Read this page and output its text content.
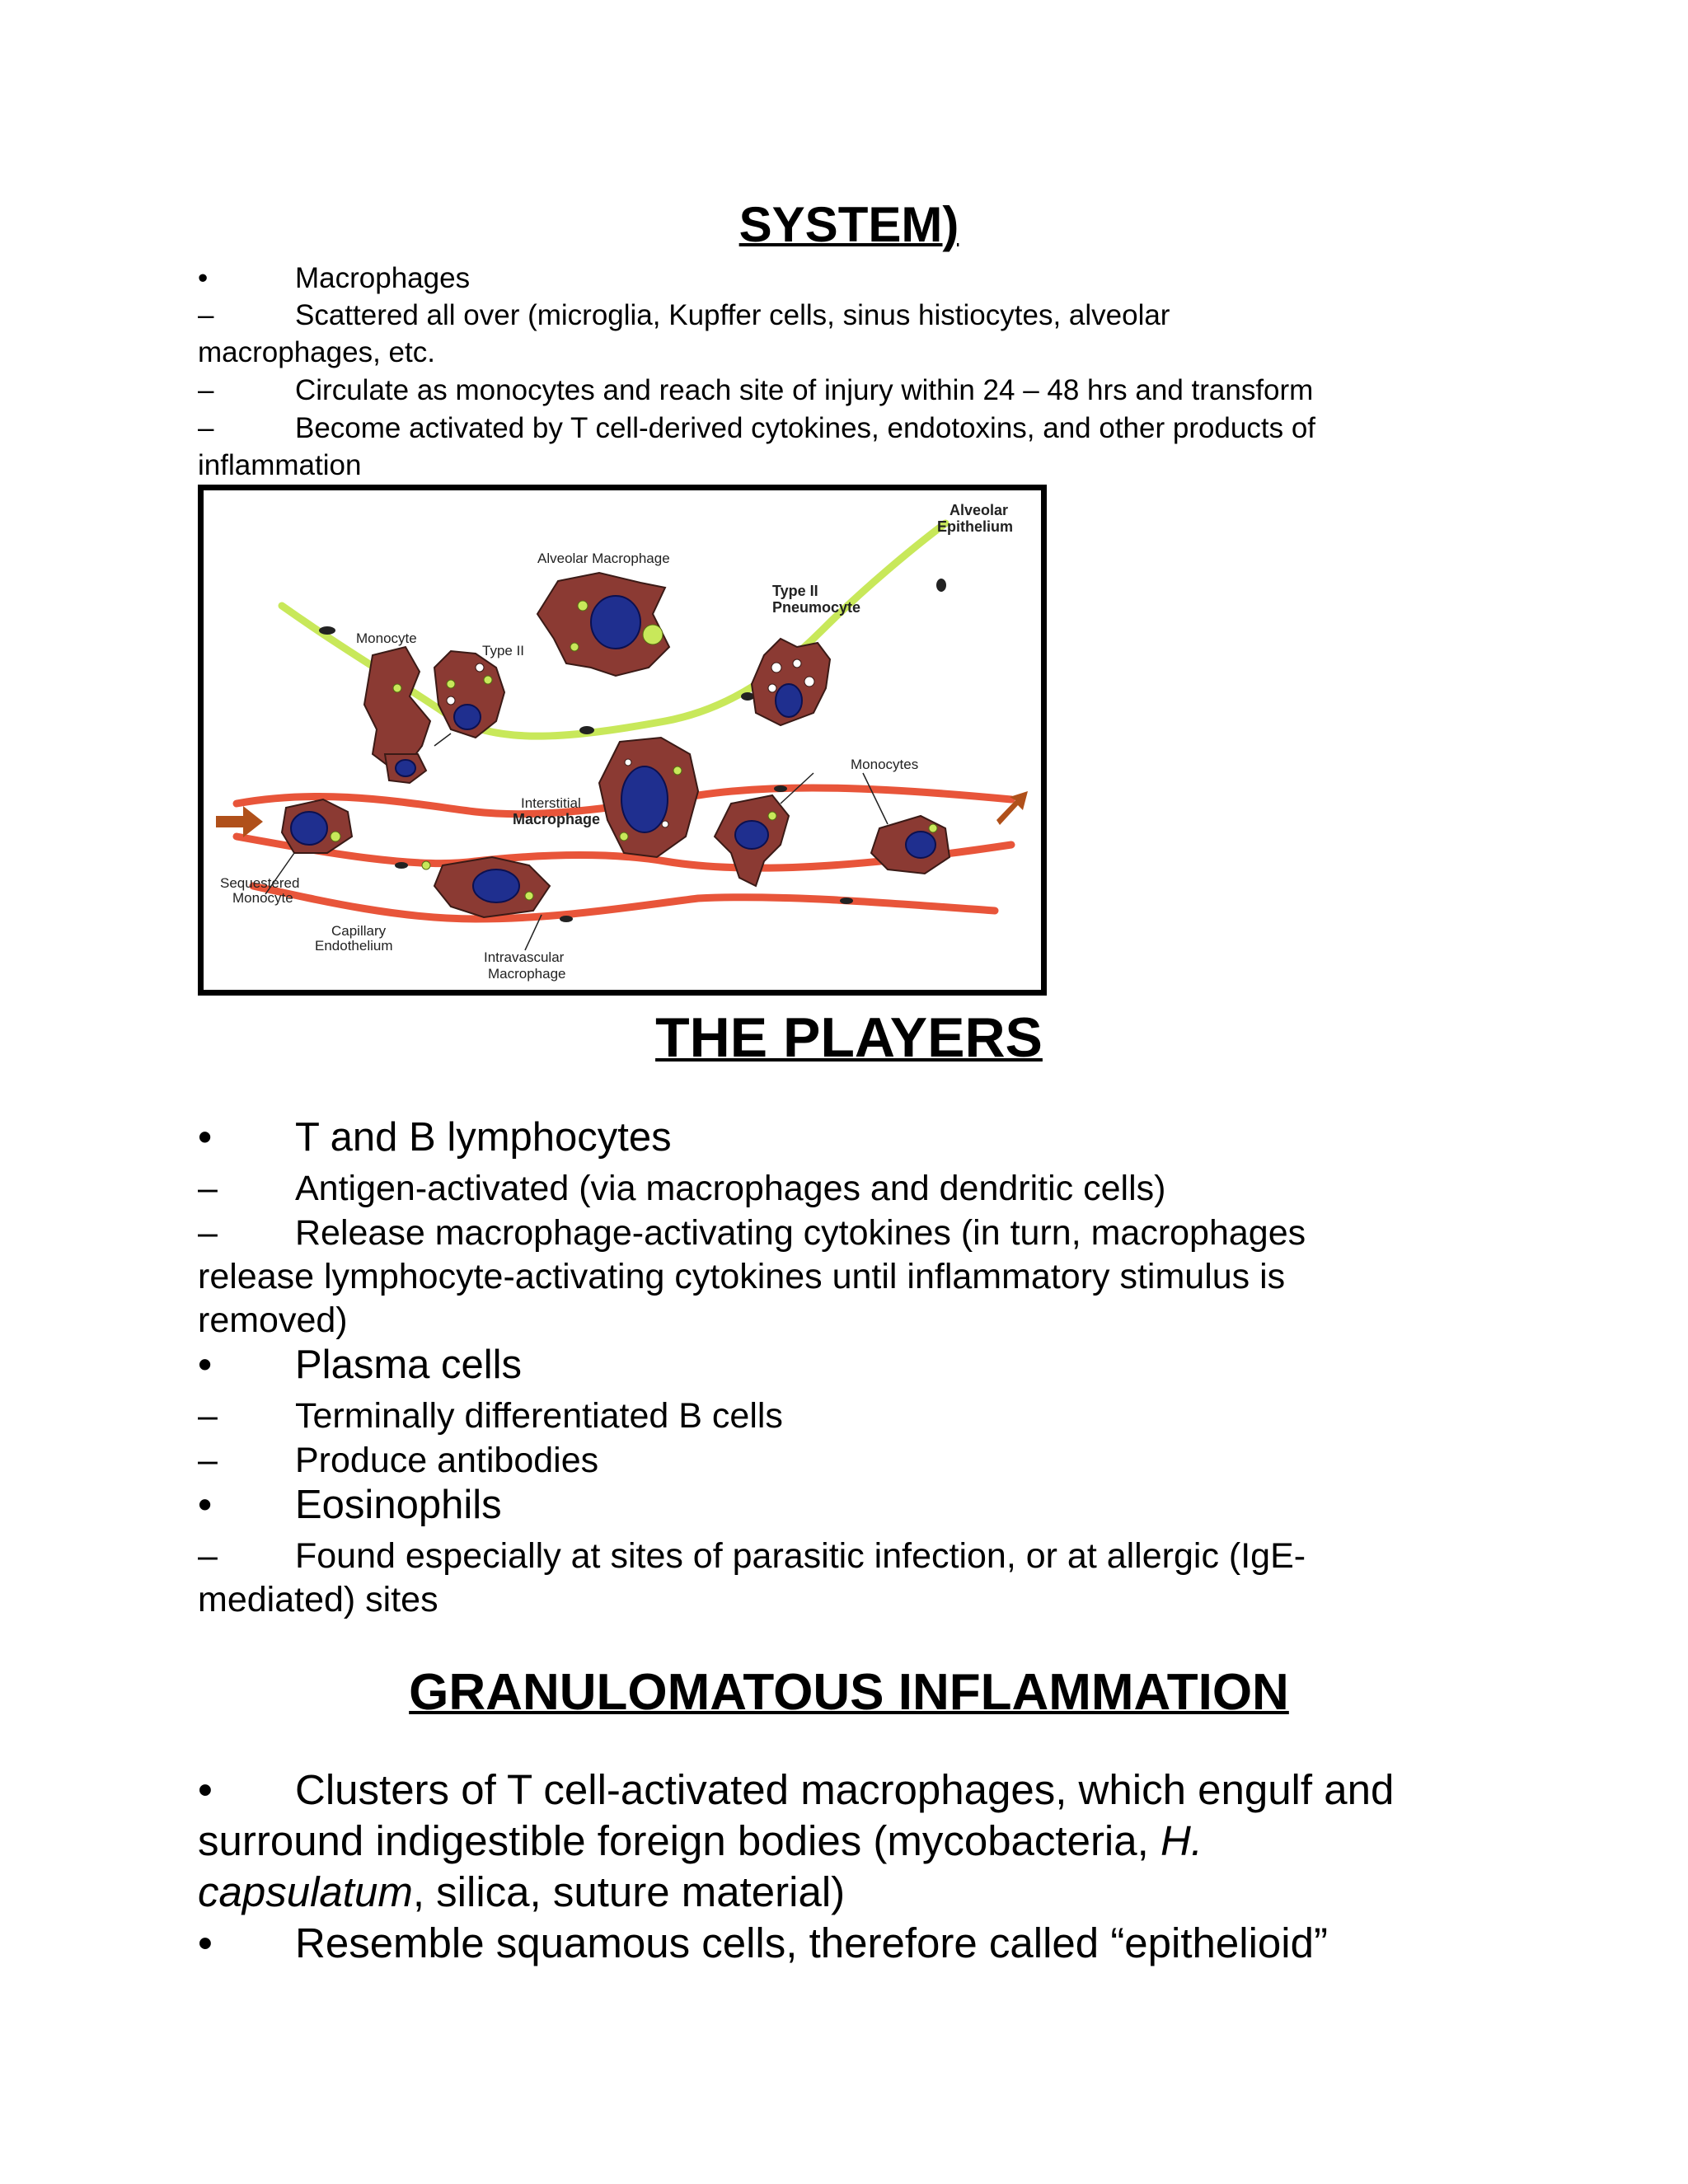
SYSTEM)
•	Macrophages
–	Scattered all over (microglia, Kupffer cells, sinus histiocytes, alveolar
macrophages, etc.
–	Circulate as monocytes and reach site of injury within 24 – 48 hrs and transform
–	Become activated by T cell-derived cytokines, endotoxins, and other products of
inflammation
Alveolar
Epithelium
Alveolar Macrophage
Type II
Pneumocyte
Monocyte
Type II
Monocytes
Interstitial
Macrophage
Sequestered
Monocyte
Capillary
Endothelium
Intravascular
Macrophage
THE PLAYERS
• T and B lymphocytes
– Antigen-activated (via macrophages and dendritic cells)
– Release macrophage-activating cytokines (in turn, macrophages
release lymphocyte-activating cytokines until inflammatory stimulus is
removed)
• Plasma cells
– Terminally differentiated B cells
– Produce antibodies
• Eosinophils
– Found especially at sites of parasitic infection, or at allergic (IgE-
mediated) sites
GRANULOMATOUS INFLAMMATION
• Clusters of T cell-activated macrophages, which engulf and
surround indigestible foreign bodies (mycobacteria, H.
capsulatum, silica, suture material)
• Resemble squamous cells, therefore called “epithelioid”
